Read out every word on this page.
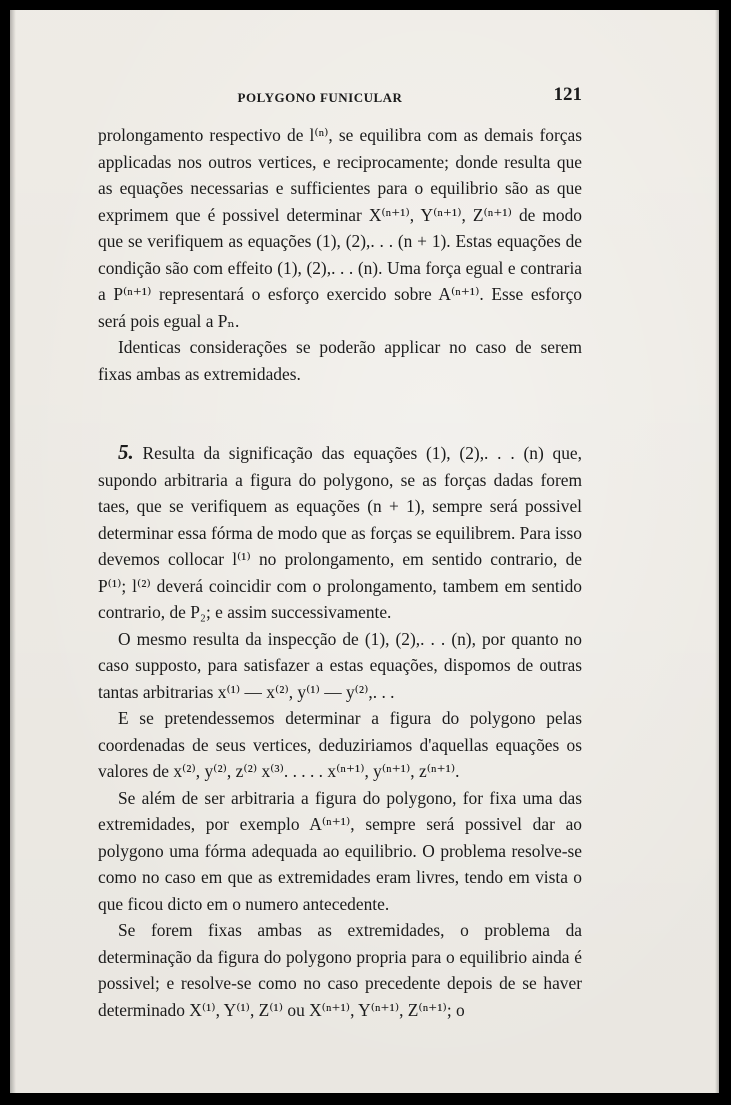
POLYGONO FUNICULAR	121

prolongamento respectivo de l⁽ⁿ⁾, se equilibra com as demais forças applicadas nos outros vertices, e reciprocamente; donde resulta que as equações necessarias e sufficientes para o equilibrio são as que exprimem que é possivel determinar X⁽ⁿ⁺¹⁾, Y⁽ⁿ⁺¹⁾, Z⁽ⁿ⁺¹⁾ de modo que se verifiquem as equações (1), (2),. . . (n + 1). Estas equações de condição são com effeito (1), (2),. . . (n). Uma força egual e contraria a P⁽ⁿ⁺¹⁾ representará o esforço exercido sobre A⁽ⁿ⁺¹⁾. Esse esforço será pois egual a Pₙ.

Identicas considerações se poderão applicar no caso de serem fixas ambas as extremidades.

5. Resulta da significação das equações (1), (2),. . . (n) que, supondo arbitraria a figura do polygono, se as forças dadas forem taes, que se verifiquem as equações (n + 1), sempre será possivel determinar essa fórma de modo que as forças se equilibrem. Para isso devemos collocar l⁽¹⁾ no prolongamento, em sentido contrario, de P⁽¹⁾; l⁽²⁾ deverá coincidir com o prolongamento, tambem em sentido contrario, de P₂; e assim successivamente.

O mesmo resulta da inspecção de (1), (2),. . . (n), por quanto no caso supposto, para satisfazer a estas equações, dispomos de outras tantas arbitrarias x⁽¹⁾ — x⁽²⁾, y⁽¹⁾ — y⁽²⁾,. . .

E se pretendessemos determinar a figura do polygono pelas coordenadas de seus vertices, deduziriamos d'aquellas equações os valores de x⁽²⁾, y⁽²⁾, z⁽²⁾ x⁽³⁾. . . . . x⁽ⁿ⁺¹⁾, y⁽ⁿ⁺¹⁾, z⁽ⁿ⁺¹⁾.

Se além de ser arbitraria a figura do polygono, for fixa uma das extremidades, por exemplo A⁽ⁿ⁺¹⁾, sempre será possivel dar ao polygono uma fórma adequada ao equilibrio. O problema resolve-se como no caso em que as extremidades eram livres, tendo em vista o que ficou dicto em o numero antecedente.

Se forem fixas ambas as extremidades, o problema da determinação da figura do polygono propria para o equilibrio ainda é possivel; e resolve-se como no caso precedente depois de se haver determinado X⁽¹⁾, Y⁽¹⁾, Z⁽¹⁾ ou X⁽ⁿ⁺¹⁾, Y⁽ⁿ⁺¹⁾, Z⁽ⁿ⁺¹⁾; o
